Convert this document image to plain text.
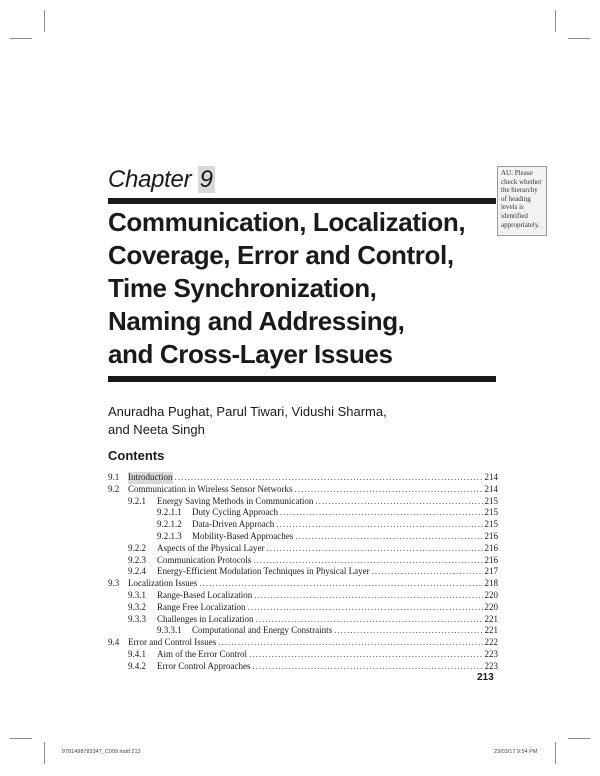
Chapter 9	AU: Please check whether the hierarchy of heading levels is identified appropriately.
Communication, Localization,
Coverage, Error and Control,
Time Synchronization,
Naming and Addressing,
and Cross-Layer Issues
Anuradha Pughat, Parul Tiwari, Vidushi Sharma,
and Neeta Singh
Contents
9.1 Introduction .....	214
9.2 Communication in Wireless Sensor Networks .....	214
9.2.1	Energy Saving Methods in Communication .....	215
9.2.1.1	Duty Cycling Approach .....	215
9.2.1.2	Data-Driven Approach .....	215
9.2.1.3	Mobility-Based Approaches .....	216
9.2.2	Aspects of the Physical Layer .....	216
9.2.3	Communication Protocols .....	216
9.2.4	Energy-Efficient Modulation Techniques in Physical Layer .....	217
9.3 Localization Issues .....	218
9.3.1	Range-Based Localization .....	220
9.3.2	Range Free Localization .....	220
9.3.3	Challenges in Localization .....	221
9.3.3.1	Computational and Energy Constraints .....	221
9.4 Error and Control Issues .....	222
9.4.1	Aim of the Error Control .....	223
9.4.2	Error Control Approaches .....	223
213
9781498783347_C009.indd 213	23/03/17 9:54 PM
